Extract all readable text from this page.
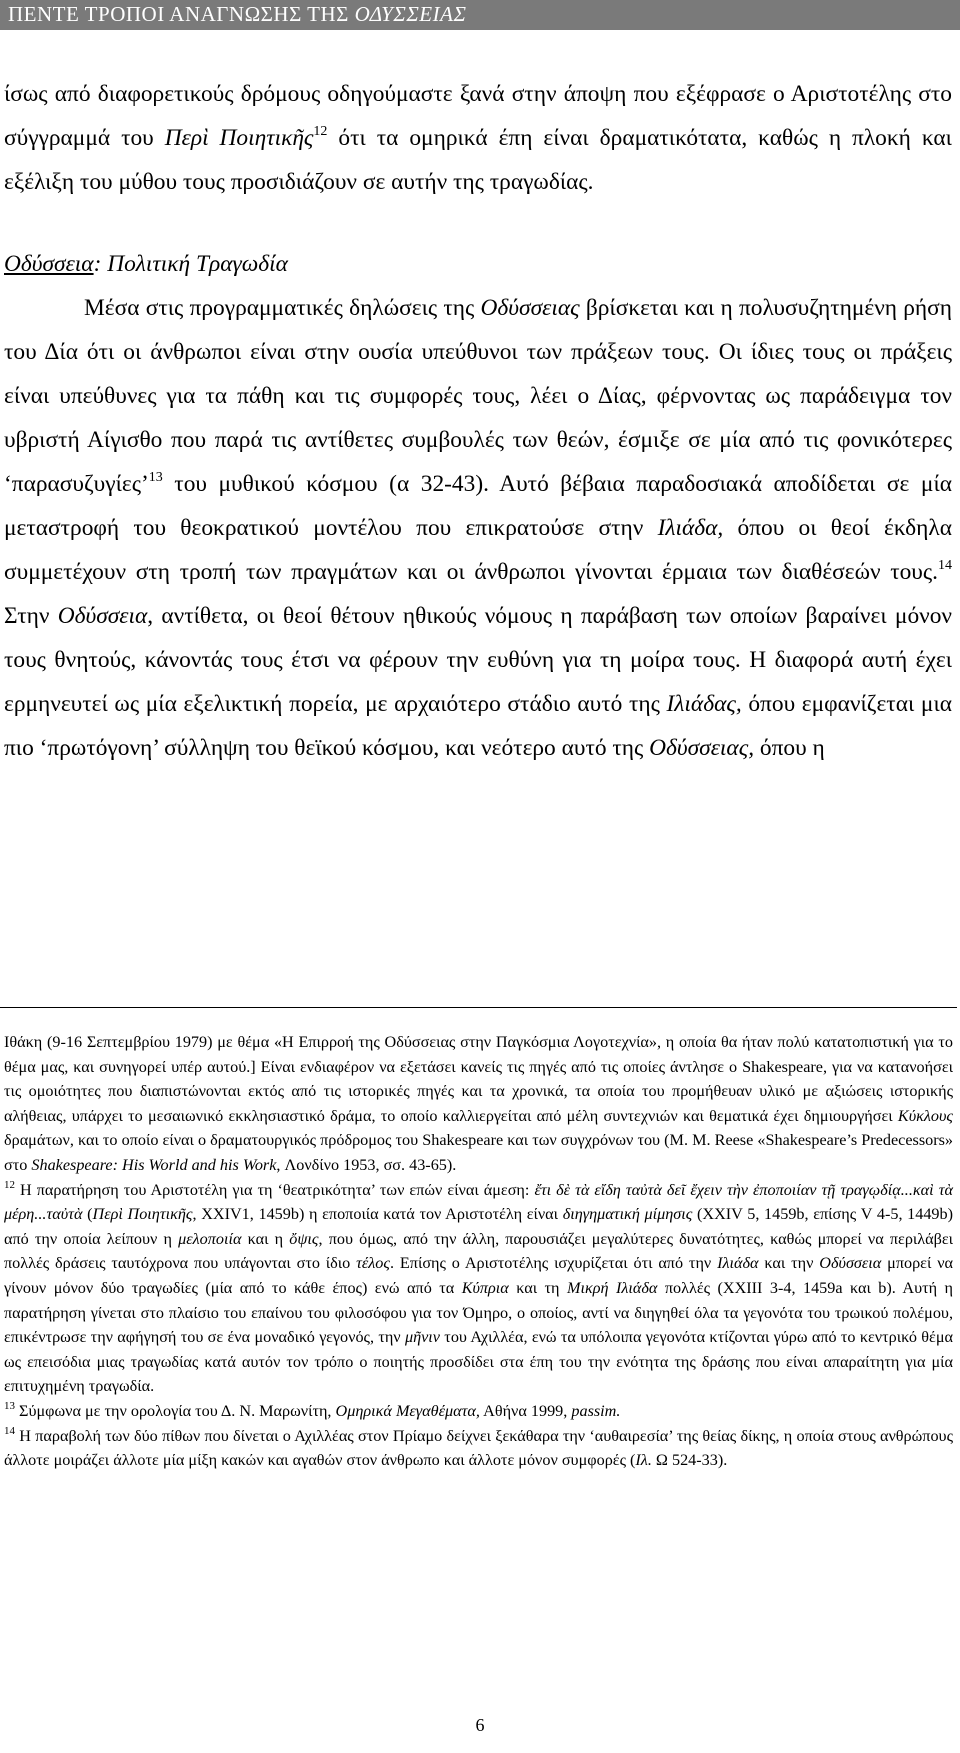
ΠΕΝΤΕ ΤΡΟΠΟΙ ΑΝΑΓΝΩΣΗΣ ΤΗΣ ΟΔΥΣΣΕΙΑΣ

ίσως από διαφορετικούς δρόμους οδηγούμαστε ξανά στην άποψη που εξέφρασε ο Αριστοτέλης στο σύγγραμμά του Περὶ Ποιητικῆς$^{12}$ ότι τα ομηρικά έπη είναι δραματικότατα, καθώς η πλοκή και εξέλιξη του μύθου τους προσιδιάζουν σε αυτήν της τραγωδίας.

Οδύσσεια: Πολιτική Τραγωδία

Μέσα στις προγραμματικές δηλώσεις της Οδύσσειας βρίσκεται και η πολυσυζητημένη ρήση του Δία ότι οι άνθρωποι είναι στην ουσία υπεύθυνοι των πράξεων τους. Οι ίδιες τους οι πράξεις είναι υπεύθυνες για τα πάθη και τις συμφορές τους, λέει ο Δίας, φέρνοντας ως παράδειγμα τον υβριστή Αίγισθο που παρά τις αντίθετες συμβουλές των θεών, έσμιξε σε μία από τις φονικότερες ‘παρασυζυγίες’$^{13}$ του μυθικού κόσμου (α 32-43). Αυτό βέβαια παραδοσιακά αποδίδεται σε μία μεταστροφή του θεοκρατικού μοντέλου που επικρατούσε στην Ιλιάδα, όπου οι θεοί έκδηλα συμμετέχουν στη τροπή των πραγμάτων και οι άνθρωποι γίνονται έρμαια των διαθέσεών τους.$^{14}$ Στην Οδύσσεια, αντίθετα, οι θεοί θέτουν ηθικούς νόμους η παράβαση των οποίων βαραίνει μόνον τους θνητούς, κάνοντάς τους έτσι να φέρουν την ευθύνη για τη μοίρα τους. Η διαφορά αυτή έχει ερμηνευτεί ως μία εξελικτική πορεία, με αρχαιότερο στάδιο αυτό της Ιλιάδας, όπου εμφανίζεται μια πιο ‘πρωτόγονη’ σύλληψη του θεϊκού κόσμου, και νεότερο αυτό της Οδύσσειας, όπου η

Ιθάκη (9-16 Σεπτεμβρίου 1979) με θέμα «Η Επιρροή της Οδύσσειας στην Παγκόσμια Λογοτεχνία», η οποία θα ήταν πολύ κατατοπιστική για το θέμα μας, και συνηγορεί υπέρ αυτού.] Είναι ενδιαφέρον να εξετάσει κανείς τις πηγές από τις οποίες άντλησε ο Shakespeare, για να κατανοήσει τις ομοιότητες που διαπιστώνονται εκτός από τις ιστορικές πηγές και τα χρονικά, τα οποία του προμήθευαν υλικό με αξιώσεις ιστορικής αλήθειας, υπάρχει το μεσαιωνικό εκκλησιαστικό δράμα, το οποίο καλλιεργείται από μέλη συντεχνιών και θεματικά έχει δημιουργήσει Κύκλους δραμάτων, και το οποίο είναι ο δραματουργικός πρόδρομος του Shakespeare και των συγχρόνων του (M. M. Reese «Shakespeare’s Predecessors» στο Shakespeare: His World and his Work, Λονδίνο 1953, σσ. 43-65).

$^{12}$ Η παρατήρηση του Αριστοτέλη για τη ‘θεατρικότητα’ των επών είναι άμεση: ἔτι δὲ τὰ εἴδη ταὐτὰ δεῖ ἔχειν τὴν ἐποποιίαν τῇ τραγῳδίᾳ...καὶ τὰ μέρη...ταὐτὰ (Περὶ Ποιητικῆς, XXIV1, 1459b) η εποποιία κατά τον Αριστοτέλη είναι διηγηματική μίμησις (XXIV 5, 1459b, επίσης V 4-5, 1449b) από την οποία λείπουν η μελοποιία και η ὄψις, που όμως, από την άλλη, παρουσιάζει μεγαλύτερες δυνατότητες, καθώς μπορεί να περιλάβει πολλές δράσεις ταυτόχρονα που υπάγονται στο ίδιο τέλος. Επίσης ο Αριστοτέλης ισχυρίζεται ότι από την Ιλιάδα και την Οδύσσεια μπορεί να γίνουν μόνον δύο τραγωδίες (μία από το κάθε έπος) ενώ από τα Κύπρια και τη Μικρή Ιλιάδα πολλές (XXIII 3-4, 1459a και b). Αυτή η παρατήρηση γίνεται στο πλαίσιο του επαίνου του φιλοσόφου για τον Όμηρο, ο οποίος, αντί να διηγηθεί όλα τα γεγονότα του τρωικού πολέμου, επικέντρωσε την αφήγησή του σε ένα μοναδικό γεγονός, την μῆνιν του Αχιλλέα, ενώ τα υπόλοιπα γεγονότα κτίζονται γύρω από το κεντρικό θέμα ως επεισόδια μιας τραγωδίας κατά αυτόν τον τρόπο ο ποιητής προσδίδει στα έπη του την ενότητα της δράσης που είναι απαραίτητη για μία επιτυχημένη τραγωδία.

$^{13}$ Σύμφωνα με την ορολογία του Δ. Ν. Μαρωνίτη, Ομηρικά Μεγαθέματα, Αθήνα 1999, passim.

$^{14}$ Η παραβολή των δύο πίθων που δίνεται ο Αχιλλέας στον Πρίαμο δείχνει ξεκάθαρα την ‘αυθαιρεσία’ της θείας δίκης, η οποία στους ανθρώπους άλλοτε μοιράζει άλλοτε μία μίξη κακών και αγαθών στον άνθρωπο και άλλοτε μόνον συμφορές (Ιλ. Ω 524-33).

6
